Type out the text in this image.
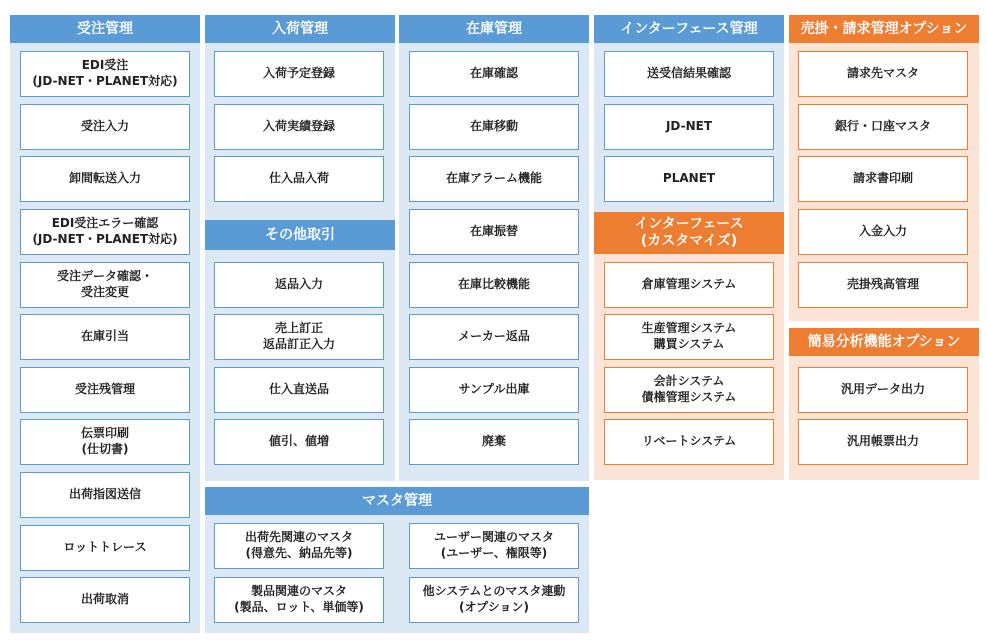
受注管理
EDI受注
(JD-NET・PLANET対応)
受注入力
卸間転送入力
EDI受注エラー確認
(JD-NET・PLANET対応)
受注データ確認・
受注変更
在庫引当
受注残管理
伝票印刷
(仕切書)
出荷指図送信
ロットトレース
出荷取消
入荷管理
入荷予定登録
入荷実績登録
仕入品入荷
その他取引
返品入力
売上訂正
返品訂正入力
仕入直送品
値引、値増
在庫管理
在庫確認
在庫移動
在庫アラーム機能
在庫振替
在庫比較機能
メーカー返品
サンプル出庫
廃棄
マスタ管理
出荷先関連のマスタ
(得意先、納品先等)
ユーザー関連のマスタ
(ユーザー、権限等)
製品関連のマスタ
(製品、ロット、単価等)
他システムとのマスタ連動
(オプション)
インターフェース管理
送受信結果確認
JD-NET
PLANET
インターフェース
(カスタマイズ)
倉庫管理システム
生産管理システム
購買システム
会計システム
債権管理システム
リベートシステム
売掛・請求管理オプション
請求先マスタ
銀行・口座マスタ
請求書印刷
入金入力
売掛残高管理
簡易分析機能オプション
汎用データ出力
汎用帳票出力
